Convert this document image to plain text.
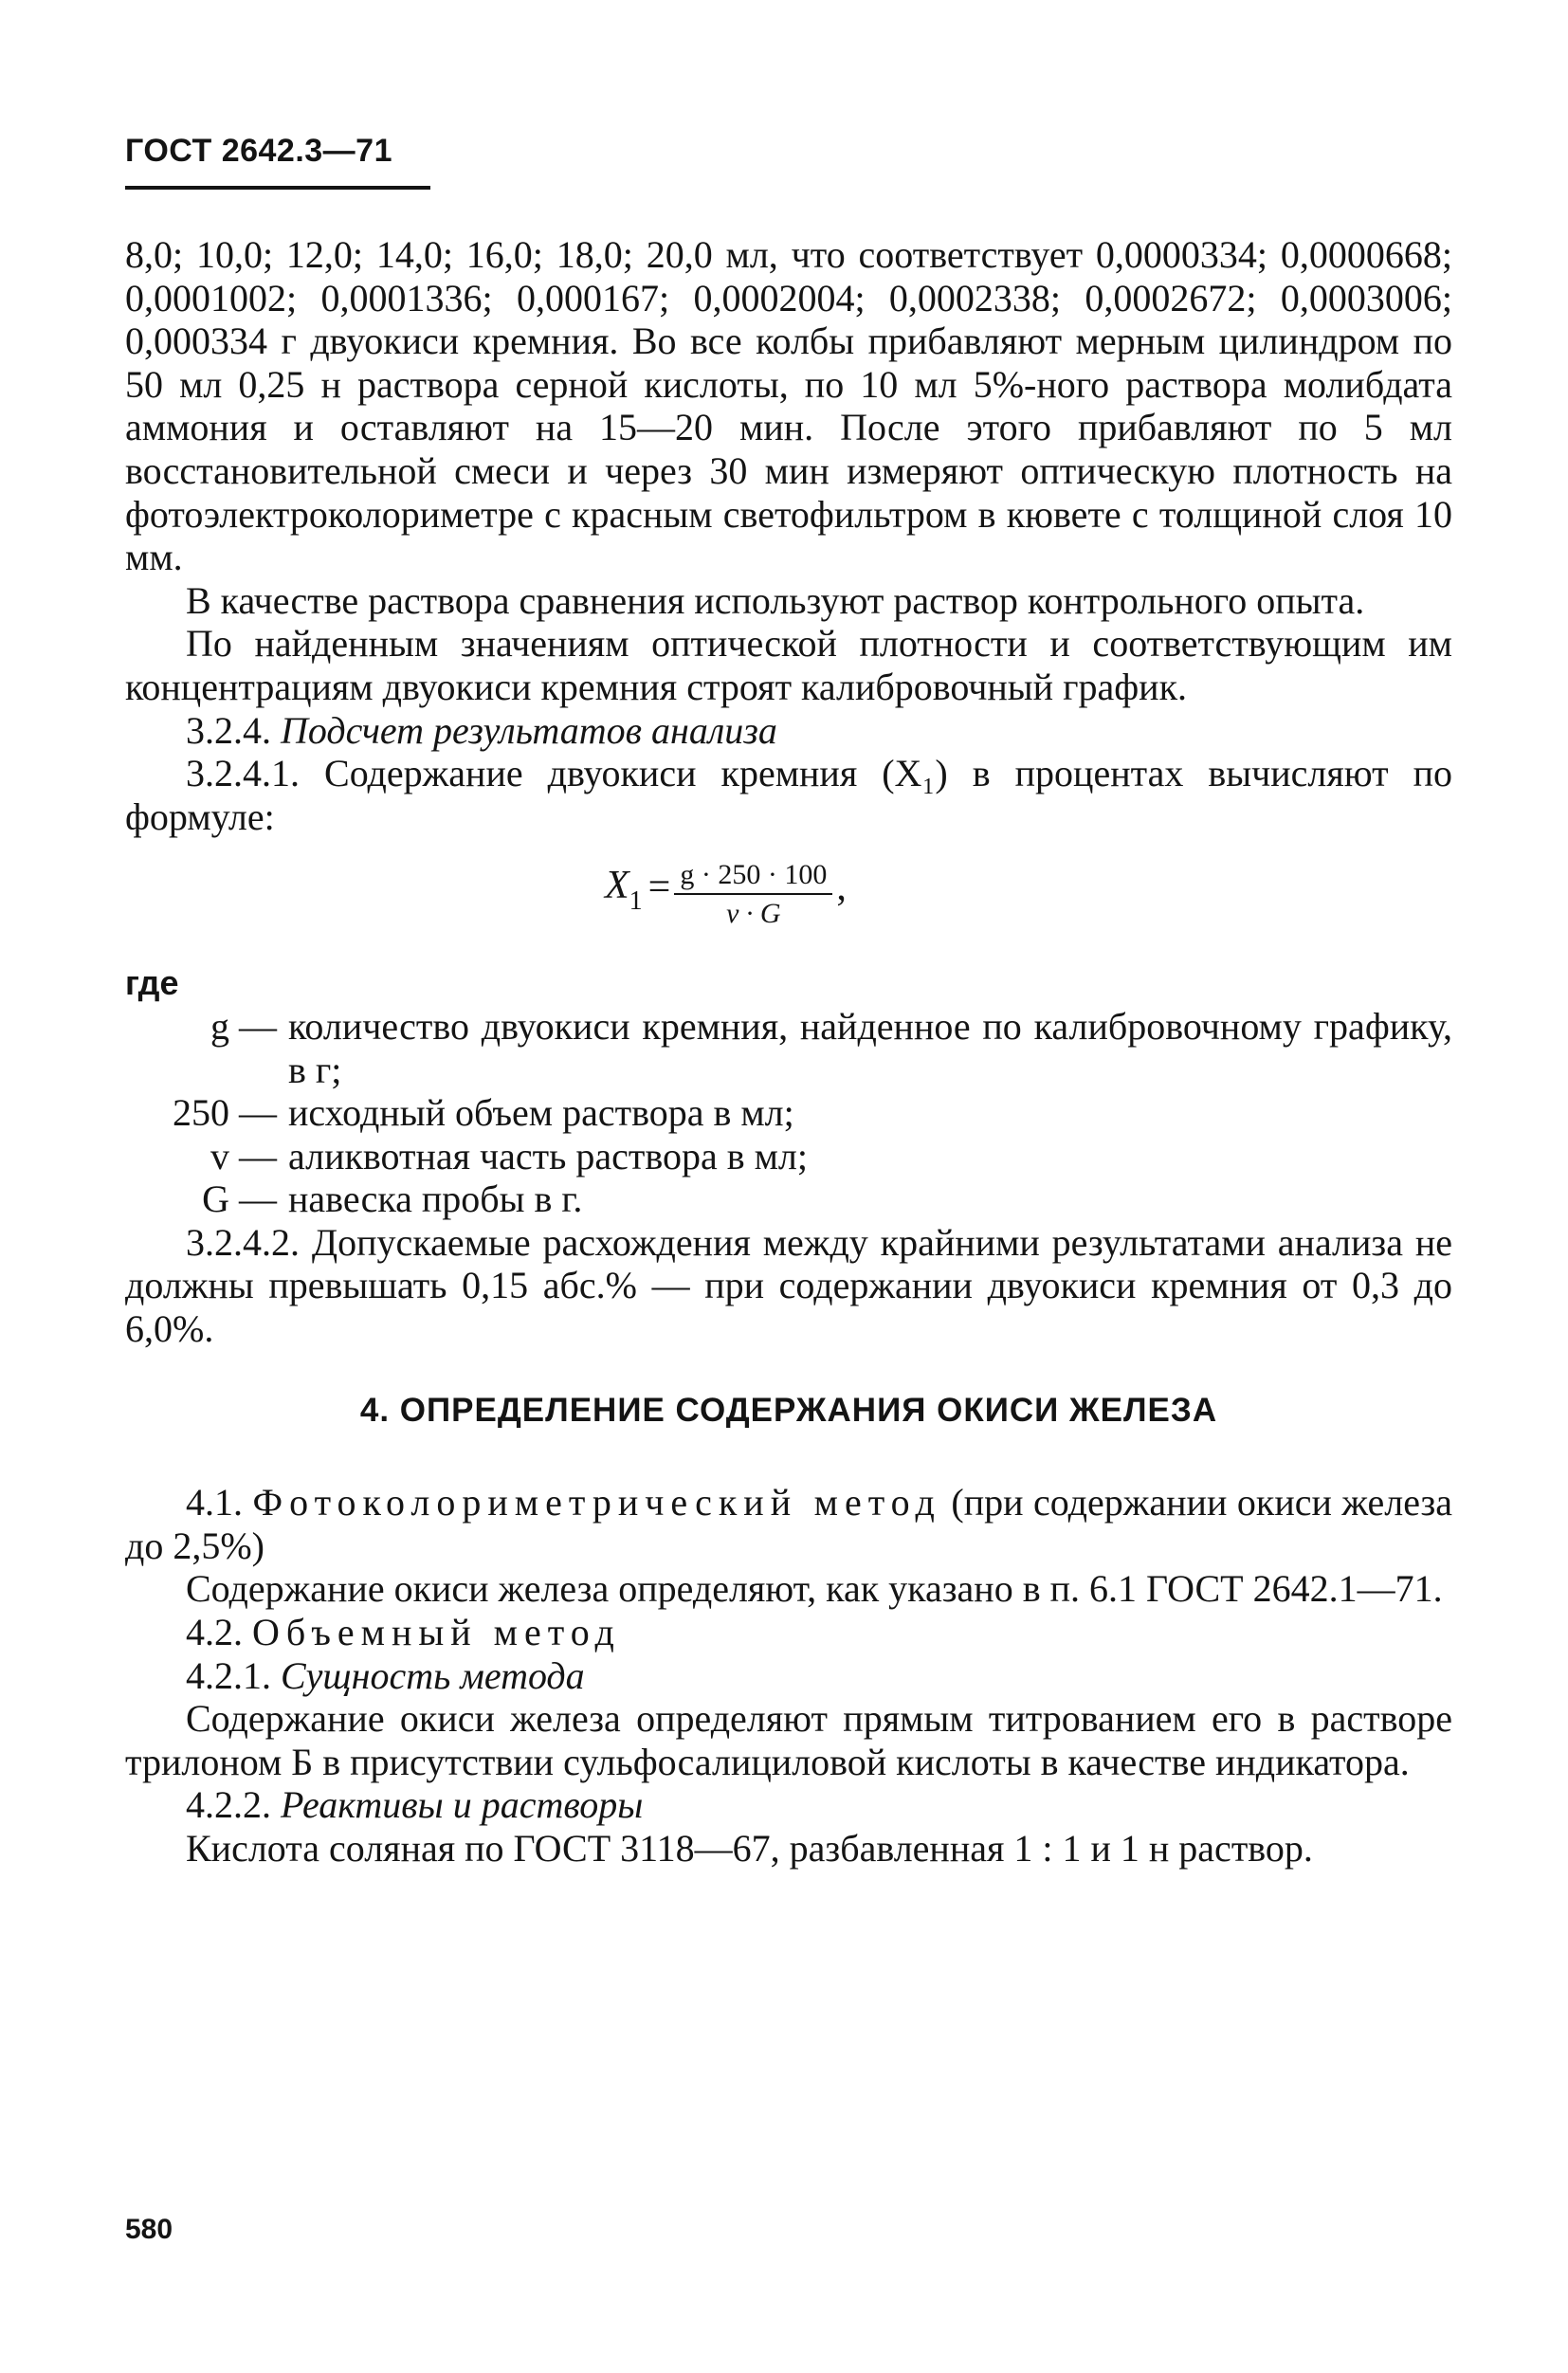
ГОСТ 2642.3—71

8,0; 10,0; 12,0; 14,0; 16,0; 18,0; 20,0 мл, что соответствует 0,0000334; 0,0000668; 0,0001002; 0,0001336; 0,000167; 0,0002004; 0,0002338; 0,0002672; 0,0003006; 0,000334 г двуокиси кремния. Во все колбы прибавляют мерным цилиндром по 50 мл 0,25 н раствора серной кислоты, по 10 мл 5%-ного раствора молибдата аммония и оставляют на 15—20 мин. После этого прибавляют по 5 мл восстановительной смеси и через 30 мин измеряют оптическую плотность на фотоэлектроколориметре с красным светофильтром в кювете с толщиной слоя 10 мм.

В качестве раствора сравнения используют раствор контрольного опыта.

По найденным значениям оптической плотности и соответствующим им концентрациям двуокиси кремния строят калибровочный график.

3.2.4. Подсчет результатов анализа

3.2.4.1. Содержание двуокиси кремния (X₁) в процентах вычисляют по формуле:

$X_1 = \frac{g \cdot 250 \cdot 100}{v \cdot G}$ ,

где

g — количество двуокиси кремния, найденное по калибровочному графику, в г;
250 — исходный объем раствора в мл;
v — аликвотная часть раствора в мл;
G — навеска пробы в г.

3.2.4.2. Допускаемые расхождения между крайними результатами анализа не должны превышать 0,15 абс.% — при содержании двуокиси кремния от 0,3 до 6,0%.

4. ОПРЕДЕЛЕНИЕ СОДЕРЖАНИЯ ОКИСИ ЖЕЛЕЗА

4.1. Фотоколориметрический метод (при содержании окиси железа до 2,5%)

Содержание окиси железа определяют, как указано в п. 6.1 ГОСТ 2642.1—71.

4.2. Объемный метод

4.2.1. Сущность метода

Содержание окиси железа определяют прямым титрованием его в растворе трилоном Б в присутствии сульфосалициловой кислоты в качестве индикатора.

4.2.2. Реактивы и растворы

Кислота соляная по ГОСТ 3118—67, разбавленная 1 : 1 и 1 н раствор.

580
